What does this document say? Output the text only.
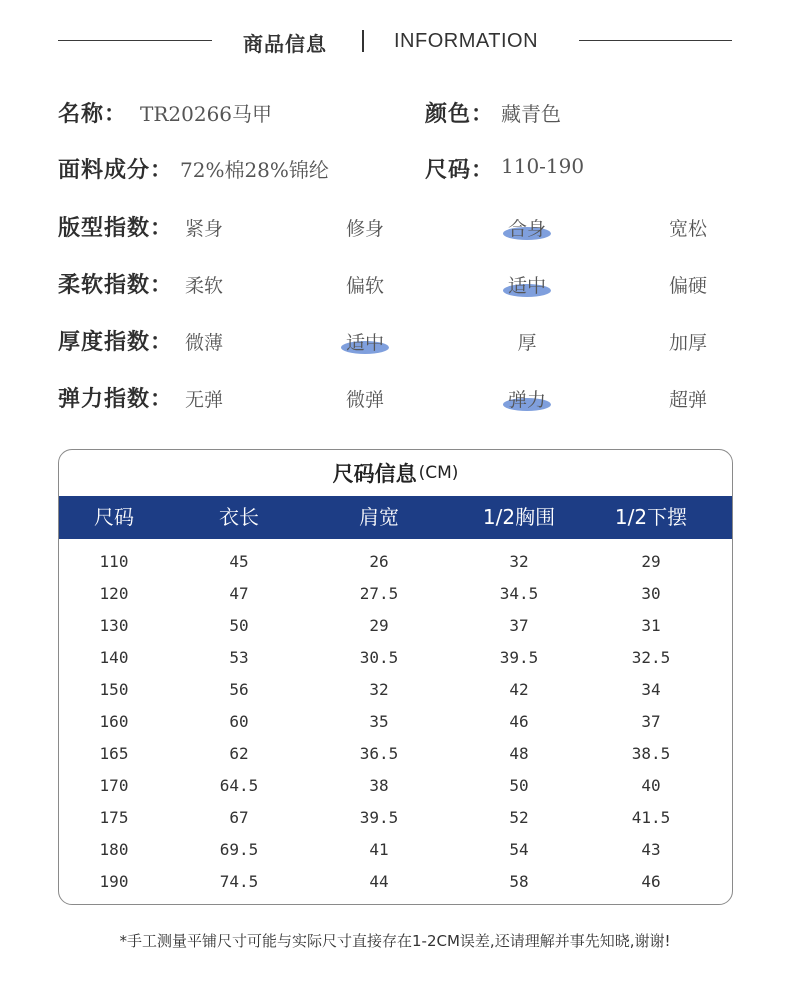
商品信息	INFORMATION
名称： TR20266马甲	颜色： 藏青色
面料成分： 72%棉28%锦纶	尺码： 110-190
版型指数： 紧身	修身	合身	宽松
柔软指数： 柔软	偏软	适中	偏硬
厚度指数： 微薄	适中	厚	加厚
弹力指数： 无弹	微弹	弹力	超弹
尺码信息 (CM)
尺码	衣长	肩宽	1/2胸围	1/2下摆
110	45	26	32	29
120	47	27.5	34.5	30
130	50	29	37	31
140	53	30.5	39.5	32.5
150	56	32	42	34
160	60	35	46	37
165	62	36.5	48	38.5
170	64.5	38	50	40
175	67	39.5	52	41.5
180	69.5	41	54	43
190	74.5	44	58	46
*手工测量平铺尺寸可能与实际尺寸直接存在1-2CM误差,还请理解并事先知晓,谢谢!
